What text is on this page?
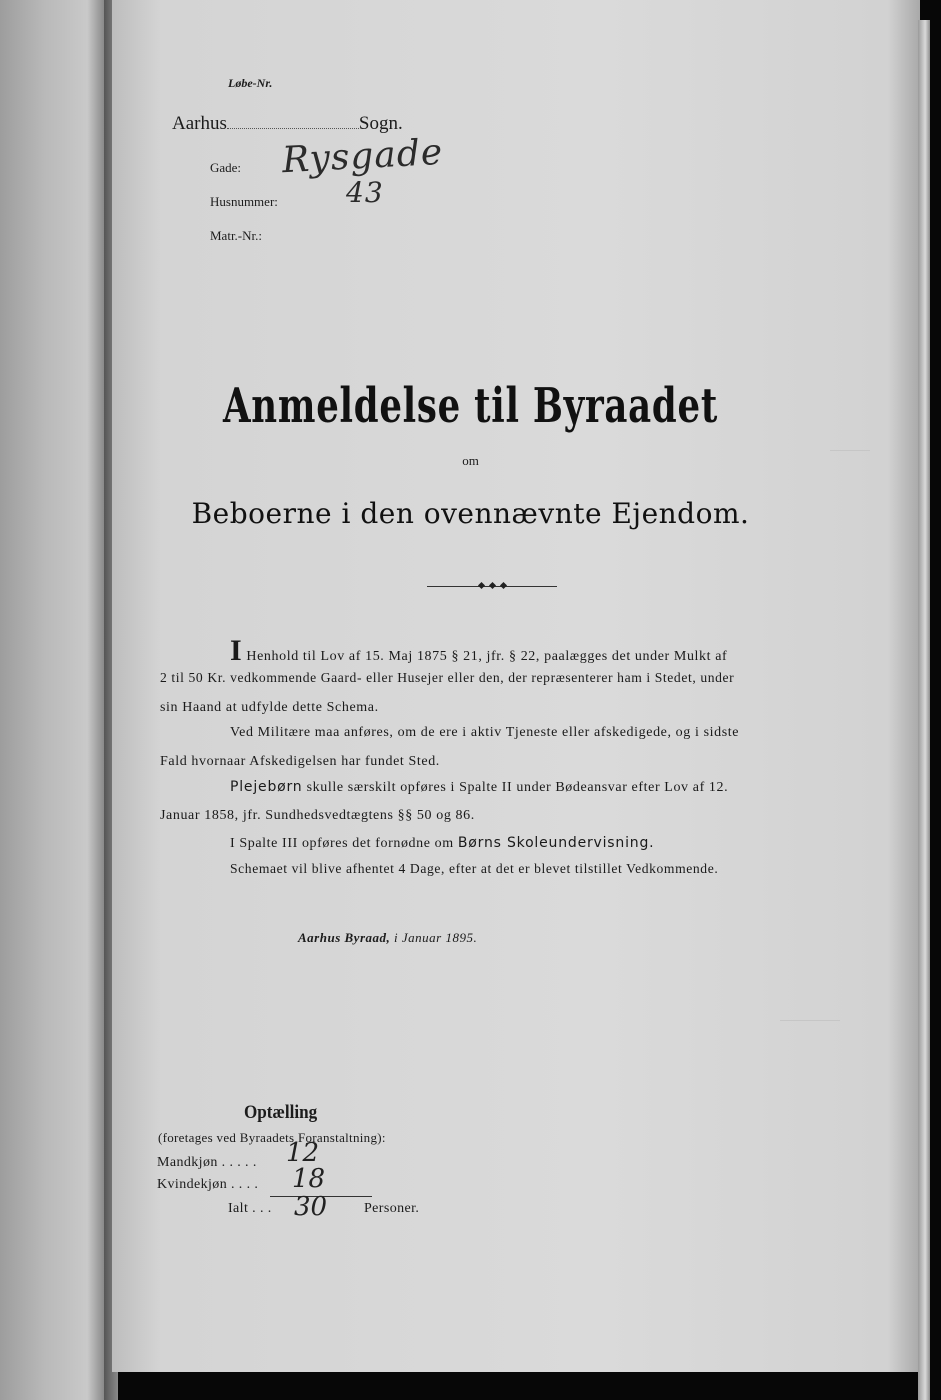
Løbe-Nr.
Aarhus	Sogn.
Gade: Rysgade
Husnummer: 43
Matr.-Nr.:
Anmeldelse til Byraadet
om
Beboerne i den ovennævnte Ejendom.
I Henhold til Lov af 15. Maj 1875 § 21, jfr. § 22, paalægges det under Mulkt af
2 til 50 Kr. vedkommende Gaard- eller Husejer eller den, der repræsenterer ham i Stedet, under
sin Haand at udfylde dette Schema.
Ved Militære maa anføres, om de ere i aktiv Tjeneste eller afskedigede, og i sidste
Fald hvornaar Afskedigelsen har fundet Sted.
Plejebørn skulle særskilt opføres i Spalte II under Bødeansvar efter Lov af 12.
Januar 1858, jfr. Sundhedsvedtægtens §§ 50 og 86.
I Spalte III opføres det fornødne om Børns Skoleundervisning.
Schemaet vil blive afhentet 4 Dage, efter at det er blevet tilstillet Vedkommende.
Aarhus Byraad, i Januar 1895.
Optælling
(foretages ved Byraadets Foranstaltning):
Mandkjøn . . . . . 12
Kvindekjøn . . . . 18
Ialt . . . 30	Personer.
